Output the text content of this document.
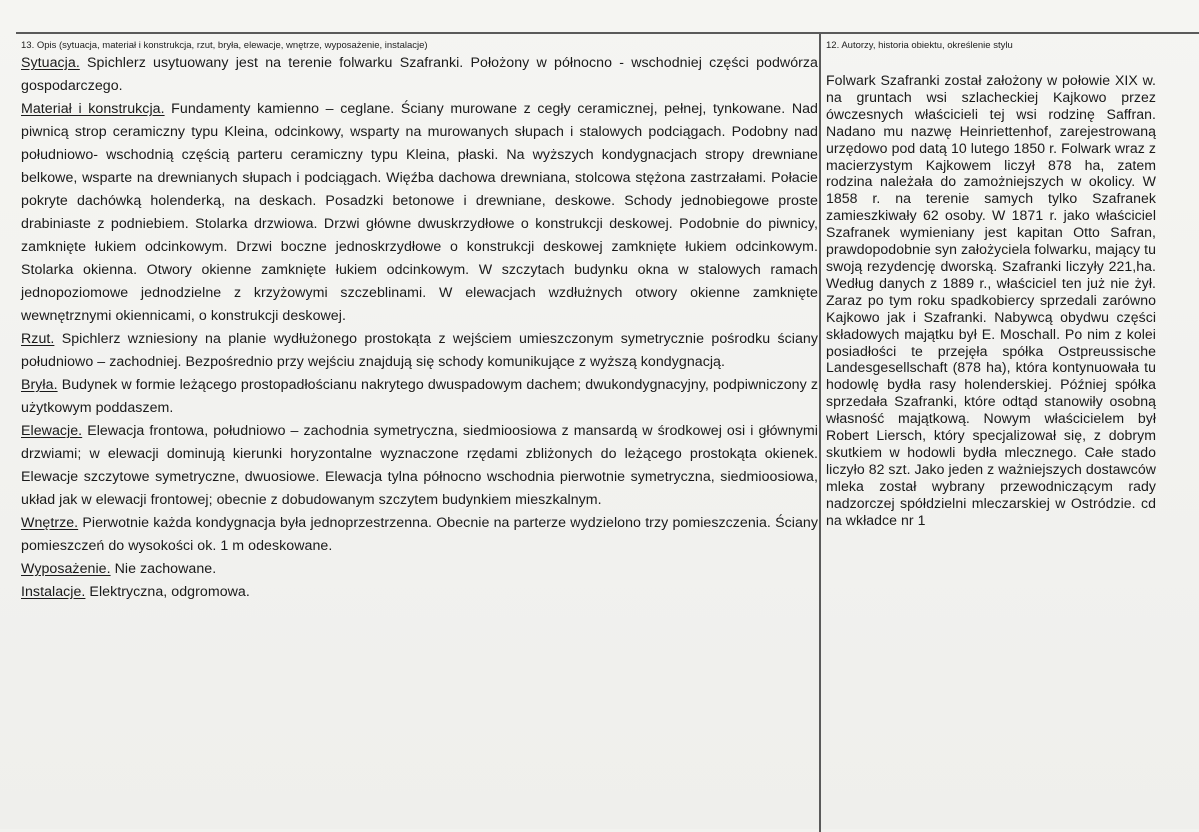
13. Opis (sytuacja, materiał i konstrukcja, rzut, bryła, elewacje, wnętrze, wyposażenie, instalacje)

Sytuacja. Spichlerz usytuowany jest na terenie folwarku Szafranki. Położony w północno - wschodniej części podwórza gospodarczego.

Materiał i konstrukcja. Fundamenty kamienno – ceglane. Ściany murowane z cegły ceramicznej, pełnej, tynkowane. Nad piwnicą strop ceramiczny typu Kleina, odcinkowy, wsparty na murowanych słupach i stalowych podciągach. Podobny nad południowo- wschodnią częścią parteru ceramiczny typu Kleina, płaski. Na wyższych kondygnacjach stropy drewniane belkowe, wsparte na drewnianych słupach i podciągach. Więźba dachowa drewniana, stolcowa stężona zastrzałami. Połacie pokryte dachówką holenderką, na deskach. Posadzki betonowe i drewniane, deskowe. Schody jednobiegowe proste drabiniaste z podniebiem. Stolarka drzwiowa. Drzwi główne dwuskrzydłowe o konstrukcji deskowej. Podobnie do piwnicy, zamknięte łukiem odcinkowym. Drzwi boczne jednoskrzydłowe o konstrukcji deskowej zamknięte łukiem odcinkowym. Stolarka okienna. Otwory okienne zamknięte łukiem odcinkowym. W szczytach budynku okna w stalowych ramach jednopoziomowe jednodzielne z krzyżowymi szczeblinami. W elewacjach wzdłużnych otwory okienne zamknięte wewnętrznymi okiennicami, o konstrukcji deskowej.

Rzut. Spichlerz wzniesiony na planie wydłużonego prostokąta z wejściem umieszczonym symetrycznie pośrodku ściany południowo – zachodniej. Bezpośrednio przy wejściu znajdują się schody komunikujące z wyższą kondygnacją.

Bryła. Budynek w formie leżącego prostopadłościanu nakrytego dwuspadowym dachem; dwukondygnacyjny, podpiwniczony z użytkowym poddaszem.

Elewacje. Elewacja frontowa, południowo – zachodnia symetryczna, siedmioosiowa z mansardą w środkowej osi i głównymi drzwiami; w elewacji dominują kierunki horyzontalne wyznaczone rzędami zbliżonych do leżącego prostokąta okienek. Elewacje szczytowe symetryczne, dwuosiowe. Elewacja tylna północno wschodnia pierwotnie symetryczna, siedmioosiowa, układ jak w elewacji frontowej; obecnie z dobudowanym szczytem budynkiem mieszkalnym.

Wnętrze. Pierwotnie każda kondygnacja była jednoprzestrzenna. Obecnie na parterze wydzielono trzy pomieszczenia. Ściany pomieszczeń do wysokości ok. 1 m odeskowane.

Wyposażenie. Nie zachowane.

Instalacje. Elektryczna, odgromowa.

12. Autorzy, historia obiektu, określenie stylu

Folwark Szafranki został założony w połowie XIX w. na gruntach wsi szlacheckiej Kajkowo przez ówczesnych właścicieli tej wsi rodzinę Saffran. Nadano mu nazwę Heinriettenhof, zarejestrowaną urzędowo pod datą 10 lutego 1850 r. Folwark wraz z macierzystym Kajkowem liczył 878 ha, zatem rodzina należała do zamożniejszych w okolicy. W 1858 r. na terenie samych tylko Szafranek zamieszkiwały 62 osoby. W 1871 r. jako właściciel Szafranek wymieniany jest kapitan Otto Safran, prawdopodobnie syn założyciela folwarku, mający tu swoją rezydencję dworską. Szafranki liczyły 221,ha. Według danych z 1889 r., właściciel ten już nie żył. Zaraz po tym roku spadkobiercy sprzedali zarówno Kajkowo jak i Szafranki. Nabywcą obydwu części składowych majątku był E. Moschall. Po nim z kolei posiadłości te przejęła spółka Ostpreussische Landesgesellschaft (878 ha), która kontynuowała tu hodowlę bydła rasy holenderskiej. Później spółka sprzedała Szafranki, które odtąd stanowiły osobną własność majątkową. Nowym właścicielem był Robert Liersch, który specjalizował się, z dobrym skutkiem w hodowli bydła mlecznego. Całe stado liczyło 82 szt. Jako jeden z ważniejszych dostawców mleka został wybrany przewodniczącym rady nadzorczej spółdzielni mleczarskiej w Ostródzie. cd na wkładce nr 1
